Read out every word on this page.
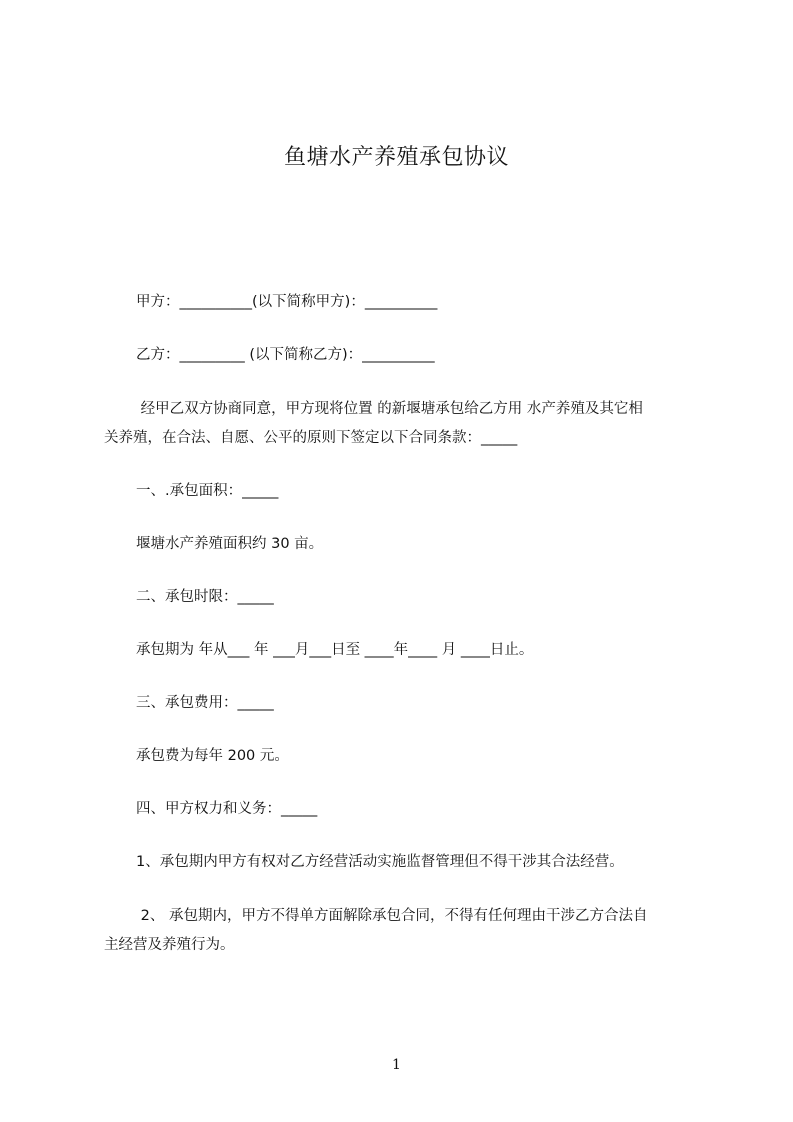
鱼塘水产养殖承包协议

甲方：__________(以下简称甲方)：__________

乙方：_________ (以下简称乙方)：__________

经甲乙双方协商同意，甲方现将位置 的新堰塘承包给乙方用 水产养殖及其它相

关养殖，在合法、自愿、公平的原则下签定以下合同条款：_____

一、.承包面积：_____

堰塘水产养殖面积约 30 亩。

二、承包时限：_____

承包期为 年从___ 年 ___月___日至 ____年____ 月 ____日止。

三、承包费用：_____

承包费为每年 200 元。

四、甲方权力和义务：_____

1、承包期内甲方有权对乙方经营活动实施监督管理但不得干涉其合法经营。

2、 承包期内，甲方不得单方面解除承包合同，不得有任何理由干涉乙方合法自

主经营及养殖行为。

1
